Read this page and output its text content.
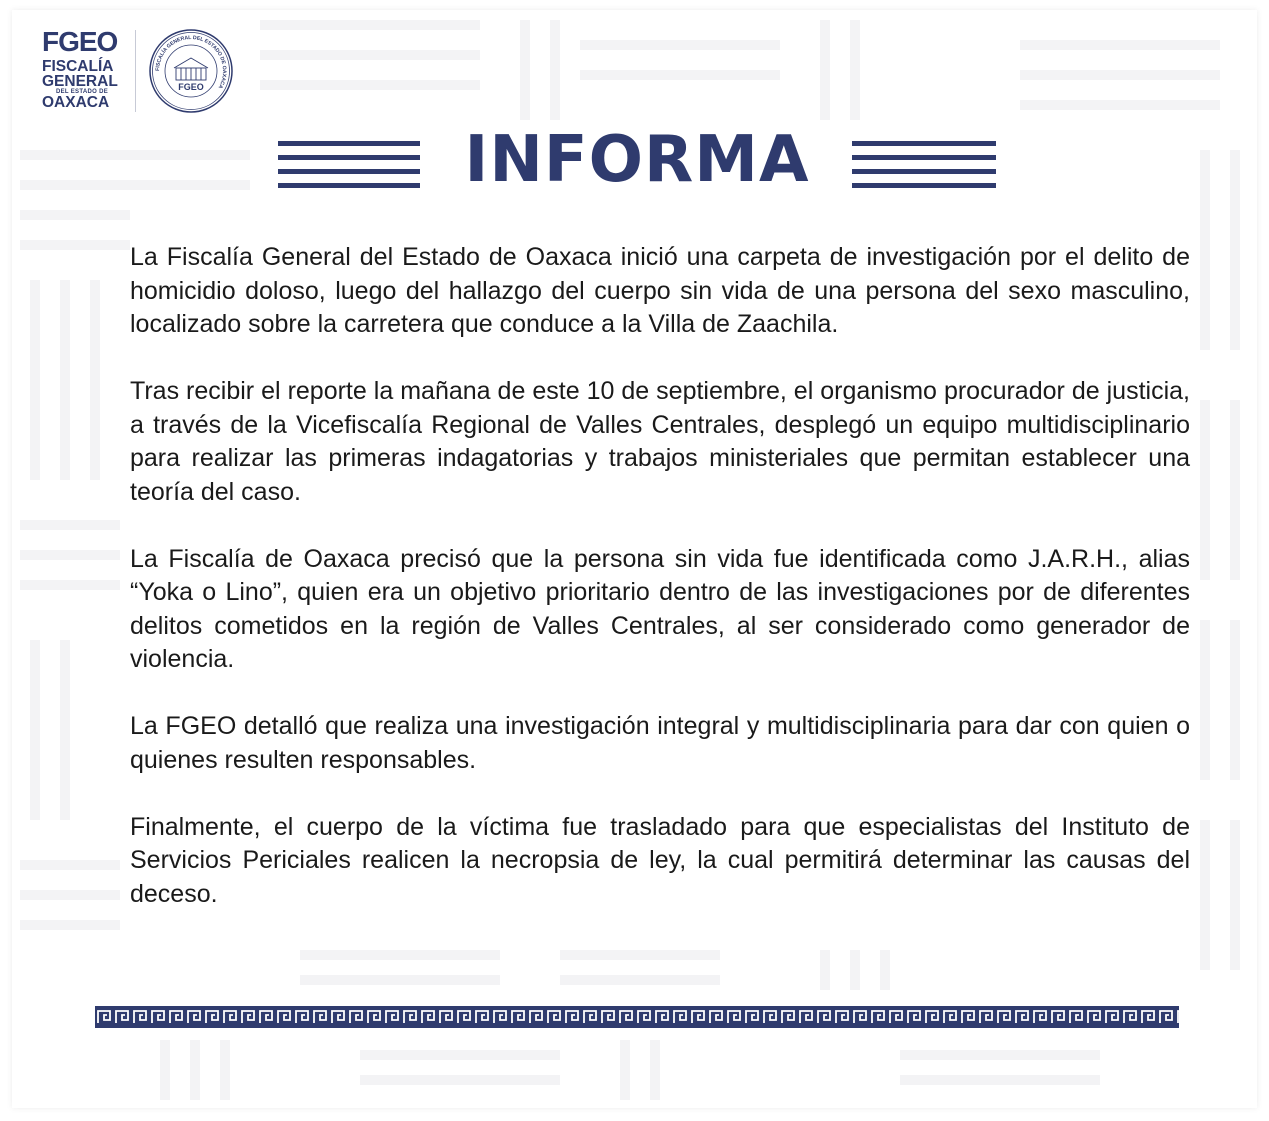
FGEO
FISCALÍA
GENERAL
DEL ESTADO DE
OAXACA
FISCALÍA GENERAL DEL ESTADO DE OAXACA
FGEO
INFORMA

La Fiscalía General del Estado de Oaxaca inició una carpeta de investigación por el delito de homicidio doloso, luego del hallazgo del cuerpo sin vida de una persona del sexo masculino, localizado sobre la carretera que conduce a la Villa de Zaachila.

Tras recibir el reporte la mañana de este 10 de septiembre, el organismo procurador de justicia, a través de la Vicefiscalía Regional de Valles Centrales, desplegó un equipo multidisciplinario para realizar las primeras indagatorias y trabajos ministeriales que permitan establecer una teoría del caso.

La Fiscalía de Oaxaca precisó que la persona sin vida fue identificada como J.A.R.H., alias “Yoka o Lino”, quien era un objetivo prioritario dentro de las investigaciones por de diferentes delitos cometidos en la región de Valles Centrales, al ser considerado como generador de violencia.

La FGEO detalló que realiza una investigación integral y multidisciplinaria para dar con quien o quienes resulten responsables.

Finalmente, el cuerpo de la víctima fue trasladado para que especialistas del Instituto de Servicios Periciales realicen la necropsia de ley, la cual permitirá determinar las causas del deceso.
